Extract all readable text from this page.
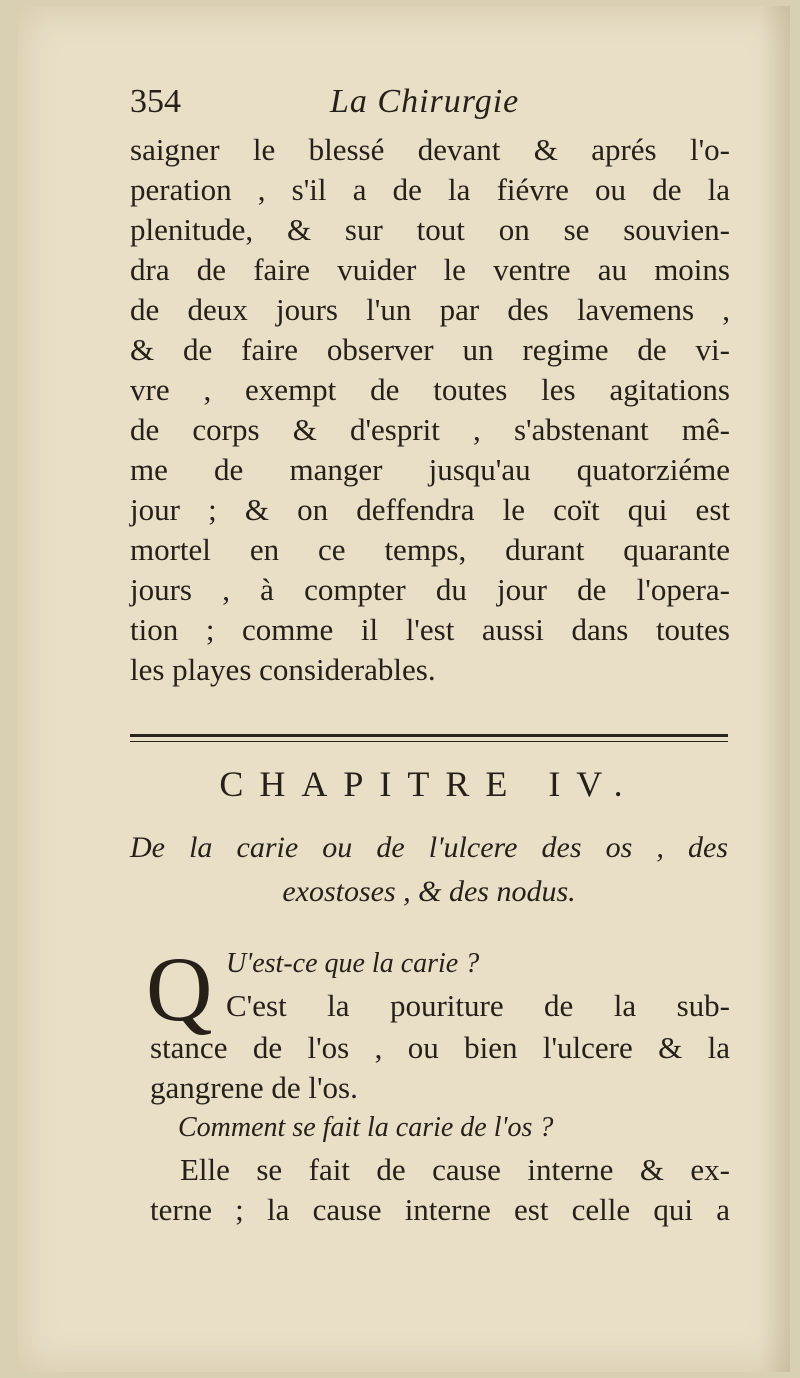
354	La Chirurgie
saigner le blessé devant & aprés l'o-
peration , s'il a de la fiévre ou de la
plenitude, & sur tout on se souvien-
dra de faire vuider le ventre au moins
de deux jours l'un par des lavemens ,
& de faire observer un regime de vi-
vre , exempt de toutes les agitations
de corps & d'esprit , s'abstenant mê-
me de manger jusqu'au quatorziéme
jour ; & on deffendra le coït qui est
mortel en ce temps, durant quarante
jours , à compter du jour de l'opera-
tion ; comme il l'est aussi dans toutes
les playes considerables.
CHAPITRE IV.
De la carie ou de l'ulcere des os , des
exostoses , & des nodus.
Q U'est-ce que la carie ?
C'est la pouriture de la sub-
stance de l'os , ou bien l'ulcere & la
gangrene de l'os.
Comment se fait la carie de l'os ?
Elle se fait de cause interne & ex-
terne ; la cause interne est celle qui a
